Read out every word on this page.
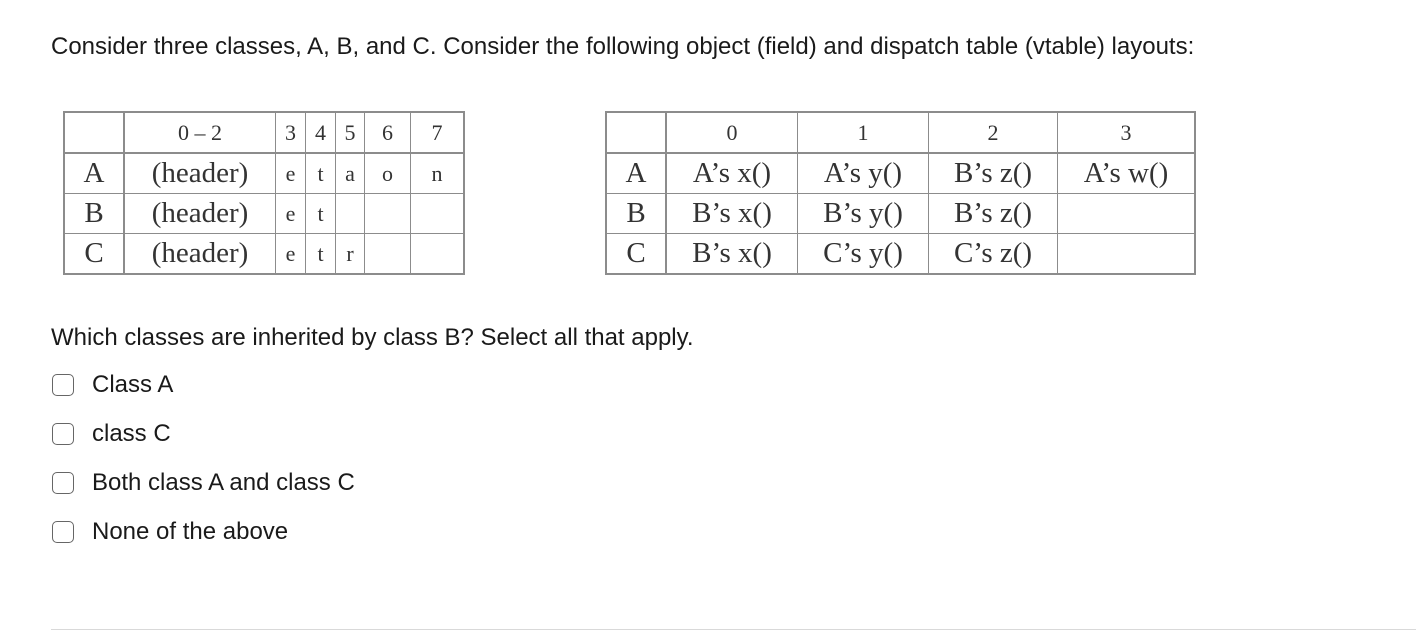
Consider three classes, A, B, and C. Consider the following object (field) and dispatch table (vtable) layouts:
	0 – 2	3	4	5	6	7
A	(header)	e	t	a	o	n
B	(header)	e	t			
C	(header)	e	t	r		
	0	1	2	3
A	A’s x()	A’s y()	B’s z()	A’s w()
B	B’s x()	B’s y()	B’s z()	
C	B’s x()	C’s y()	C’s z()	
Which classes are inherited by class B? Select all that apply.
Class A
class C
Both class A and class C
None of the above
